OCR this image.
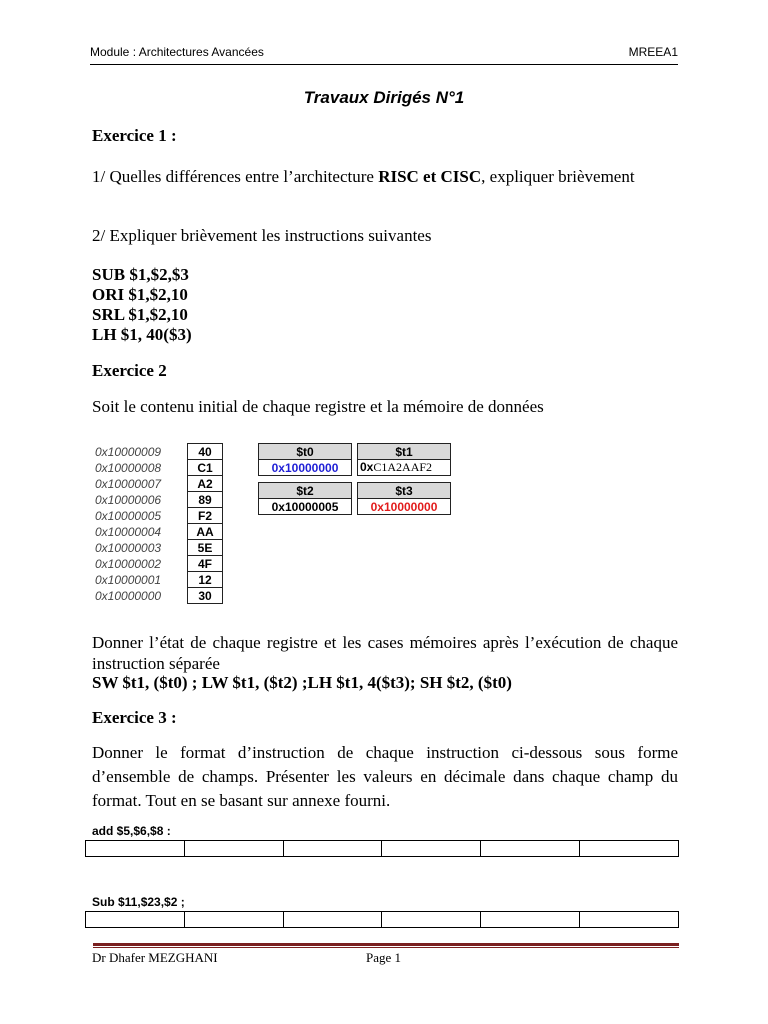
Module : Architectures Avancées	MREEA1
Travaux Dirigés N°1
Exercice 1 :
1/ Quelles différences entre l’architecture RISC et CISC, expliquer brièvement
2/ Expliquer brièvement les instructions suivantes
SUB $1,$2,$3
ORI $1,$2,10
SRL $1,$2,10
LH $1, 40($3)
Exercice 2
Soit le contenu initial de chaque registre et la mémoire de données
0x10000009	40
0x10000008	C1
0x10000007	A2
0x10000006	89
0x10000005	F2
0x10000004	AA
0x10000003	5E
0x10000002	4F
0x10000001	12
0x10000000	30
$t0
0x10000000
$t1
0xC1A2AAF2
$t2
0x10000005
$t3
0x10000000
Donner l’état de chaque registre et les cases mémoires après l’exécution de chaque instruction séparée
SW $t1, ($t0) ; LW $t1, ($t2) ;LH $t1, 4($t3); SH $t2, ($t0)
Exercice 3 :
Donner le format d’instruction de chaque instruction ci-dessous sous forme d’ensemble de champs. Présenter les valeurs en décimale dans chaque champ du format. Tout en se basant sur annexe fourni.
add $5,$6,$8 :

Sub $11,$23,$2 ;

Dr Dhafer MEZGHANI	Page 1
